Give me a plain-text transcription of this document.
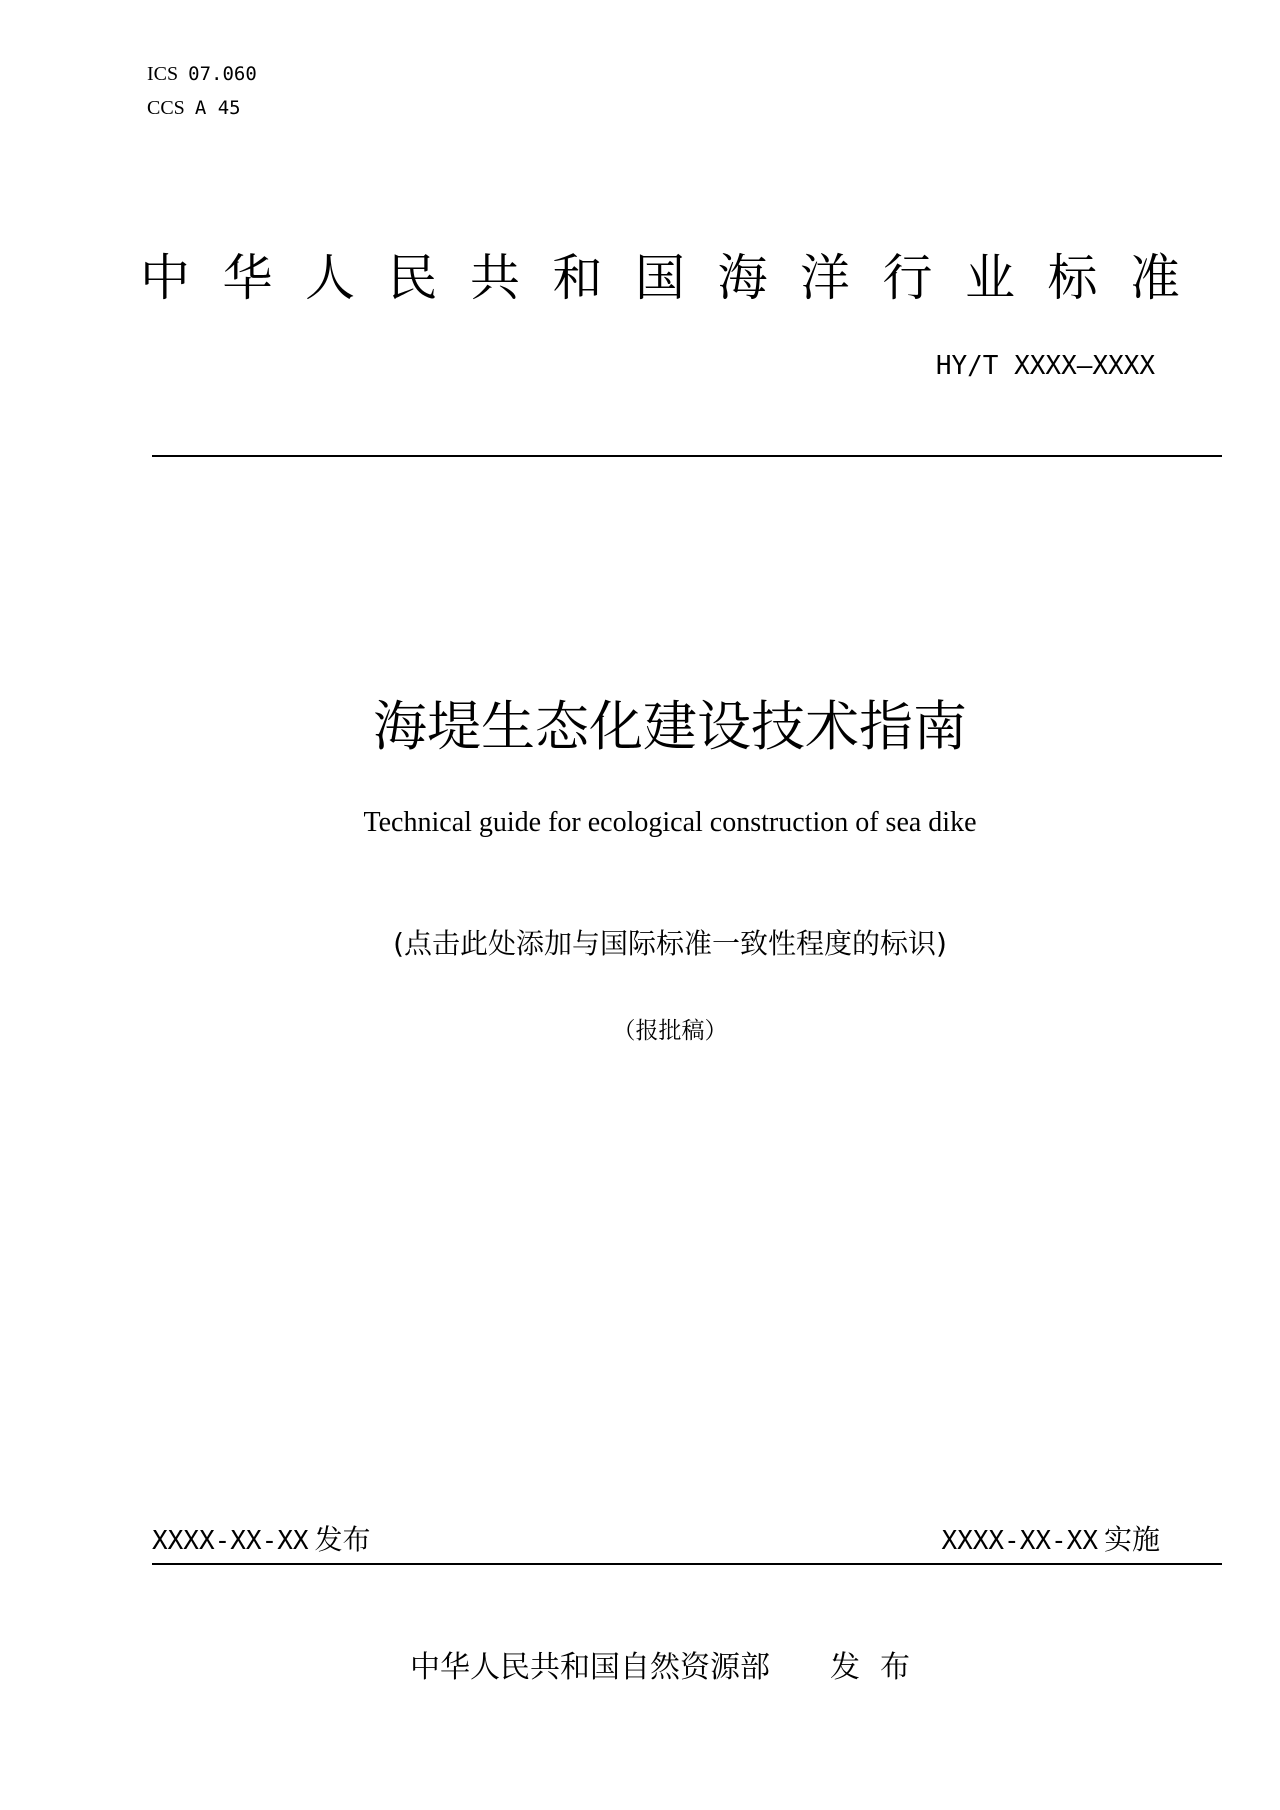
ICS 07.060
CCS A 45
中 华 人 民 共 和 国 海 洋 行 业 标 准
HY/T XXXX—XXXX
海堤生态化建设技术指南
Technical guide for ecological construction of sea dike
(点击此处添加与国际标准一致性程度的标识)
（报批稿）
XXXX-XX-XX 发布	XXXX-XX-XX 实施
中华人民共和国自然资源部 发布
